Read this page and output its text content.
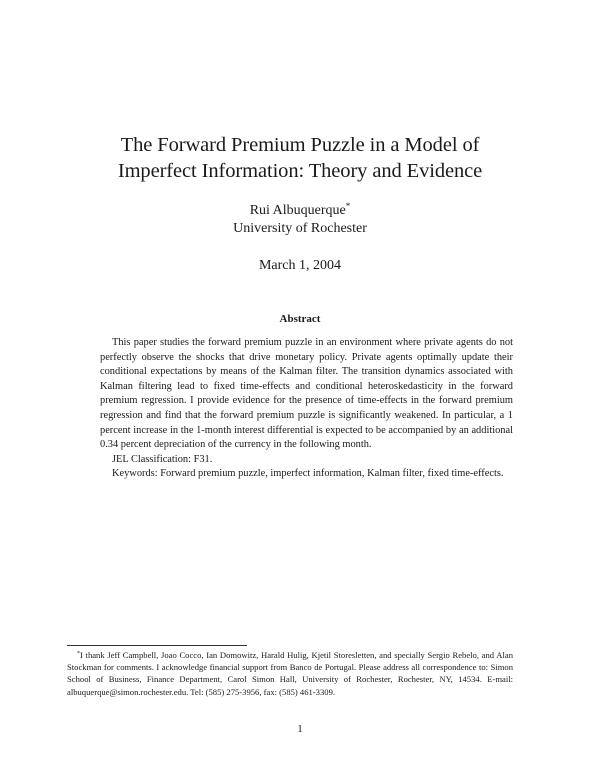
The Forward Premium Puzzle in a Model of
Imperfect Information: Theory and Evidence
Rui Albuquerque*
University of Rochester
March 1, 2004
Abstract

This paper studies the forward premium puzzle in an environment where private agents do not perfectly observe the shocks that drive monetary policy. Private agents optimally update their conditional expectations by means of the Kalman filter. The transition dynamics associated with Kalman filtering lead to fixed time-effects and conditional heteroskedasticity in the forward premium regression. I provide evidence for the presence of time-effects in the forward premium regression and find that the forward premium puzzle is significantly weakened. In particular, a 1 percent increase in the 1-month interest differential is expected to be accompanied by an additional 0.34 percent depreciation of the currency in the following month.

JEL Classification: F31.

Keywords: Forward premium puzzle, imperfect information, Kalman filter, fixed time-effects.

*I thank Jeff Campbell, Joao Cocco, Ian Domowitz, Harald Hulig, Kjetil Storesletten, and specially Sergio Rebelo, and Alan Stockman for comments. I acknowledge financial support from Banco de Portugal. Please address all correspondence to: Simon School of Business, Finance Department, Carol Simon Hall, University of Rochester, Rochester, NY, 14534. E-mail: albuquerque@simon.rochester.edu. Tel: (585) 275-3956, fax: (585) 461-3309.

1
